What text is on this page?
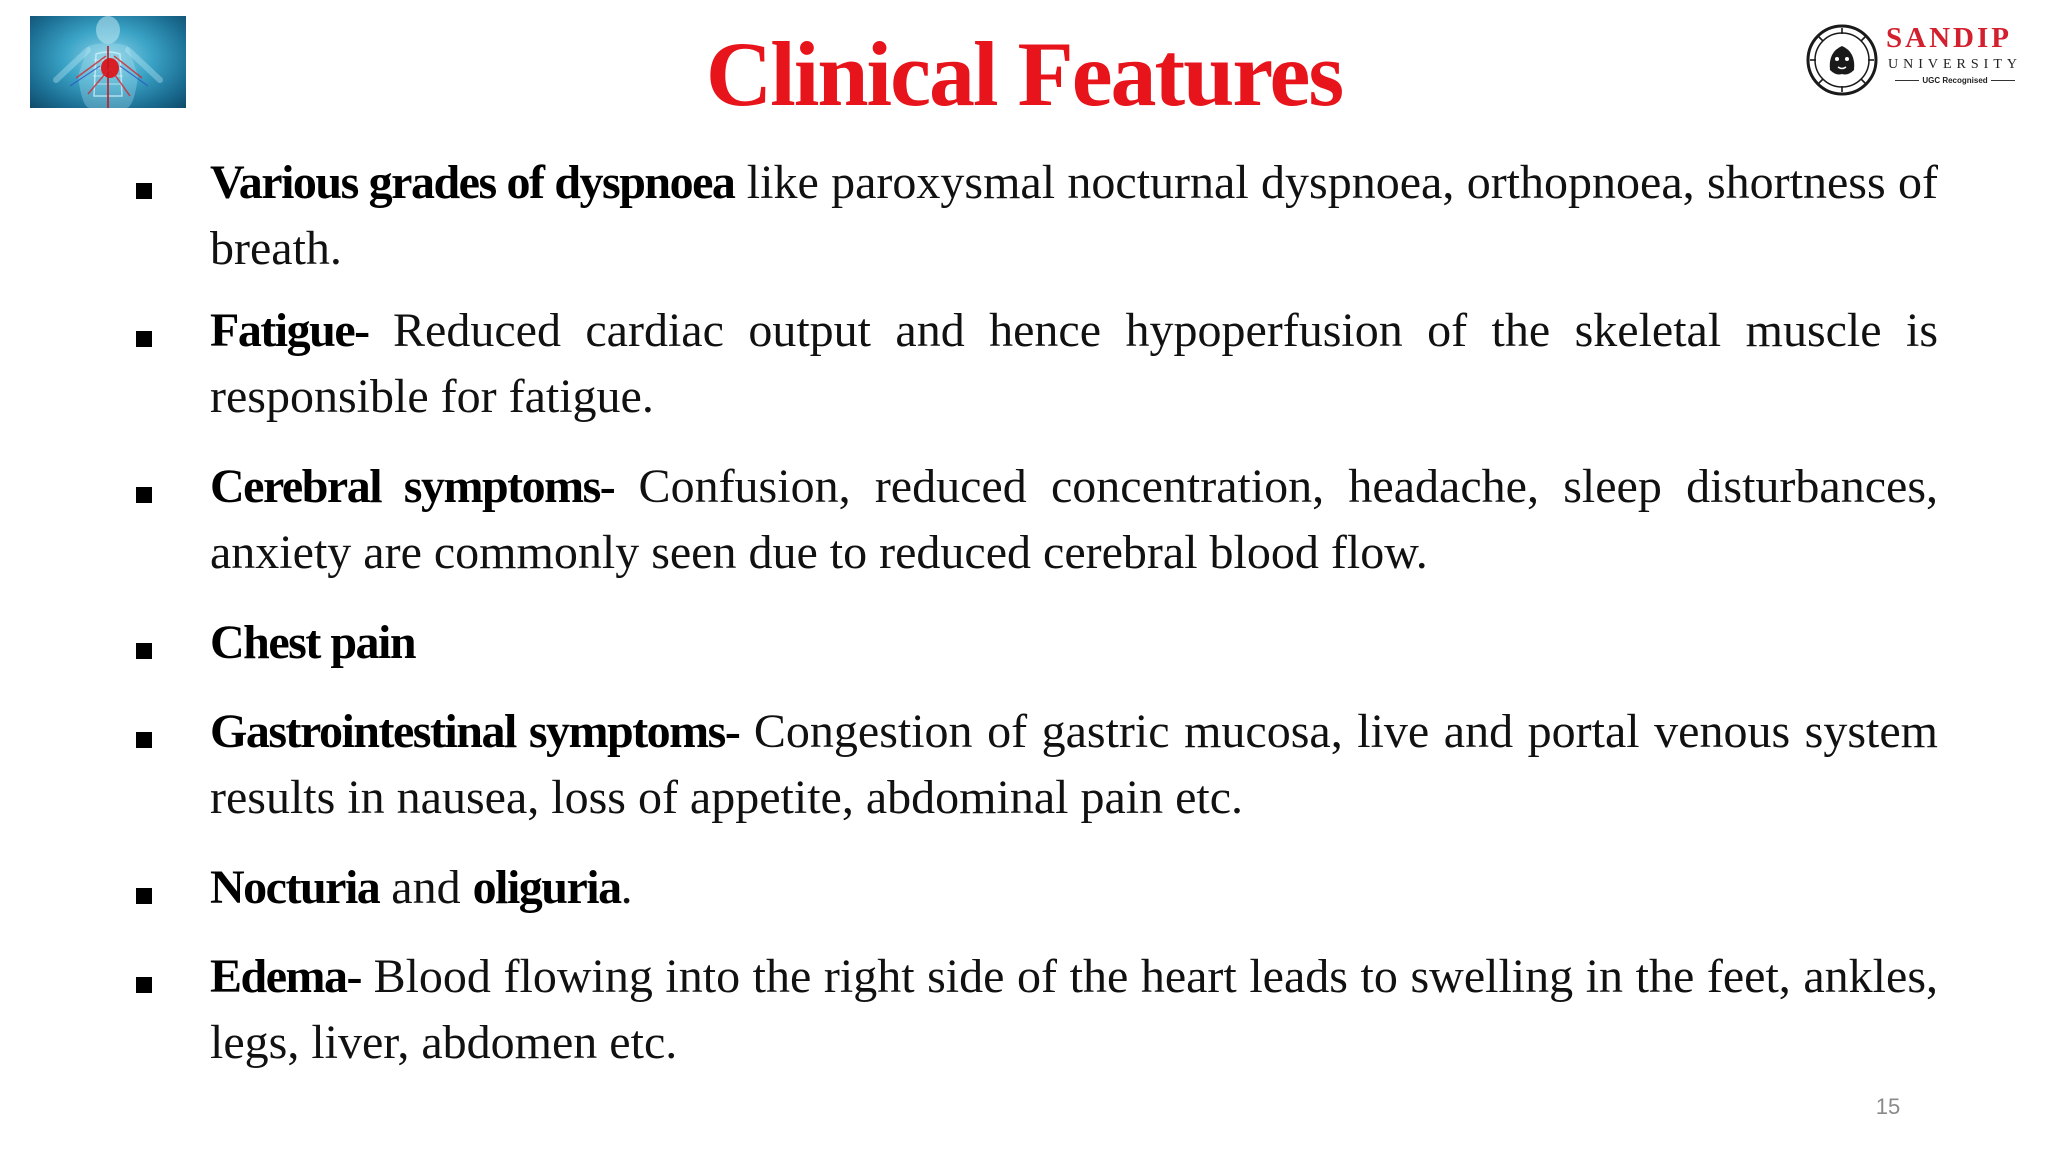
Clinical Features	SANDIP
UNIVERSITY
UGC Recognised
Various grades of dyspnoea like paroxysmal nocturnal dyspnoea, orthopnoea, shortness of breath.
Fatigue- Reduced cardiac output and hence hypoperfusion of the skeletal muscle is responsible for fatigue.
Cerebral symptoms- Confusion, reduced concentration, headache, sleep disturbances, anxiety are commonly seen due to reduced cerebral blood flow.
Chest pain
Gastrointestinal symptoms- Congestion of gastric mucosa, live and portal venous system results in nausea, loss of appetite, abdominal pain etc.
Nocturia and oliguria.
Edema- Blood flowing into the right side of the heart leads to swelling in the feet, ankles, legs, liver, abdomen etc.
15
